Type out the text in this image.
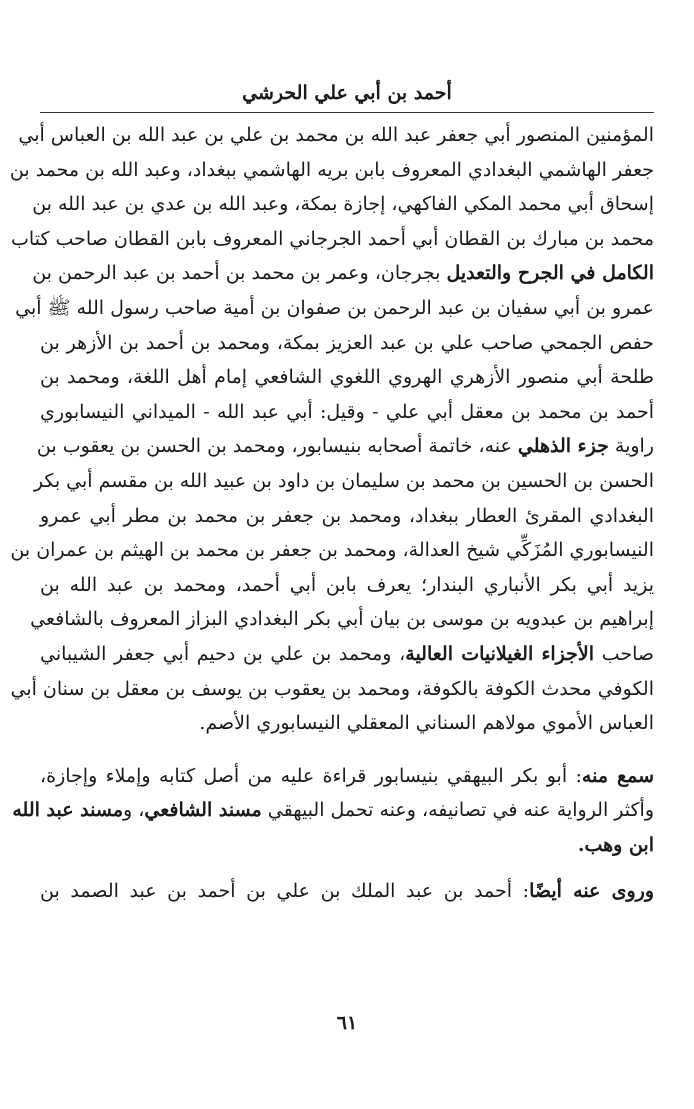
أحمد بن أبي علي الحرشي
المؤمنين المنصور أبي جعفر عبد الله بن محمد بن علي بن عبد الله بن العباس أبي
جعفر الهاشمي البغدادي المعروف بابن بريه الهاشمي ببغداد، وعبد الله بن محمد بن
إسحاق أبي محمد المكي الفاكهي، إجازة بمكة، وعبد الله بن عدي بن عبد الله بن
محمد بن مبارك بن القطان أبي أحمد الجرجاني المعروف بابن القطان صاحب كتاب
الكامل في الجرح والتعديل بجرجان، وعمر بن محمد بن أحمد بن عبد الرحمن بن
عمرو بن أبي سفيان بن عبد الرحمن بن صفوان بن أمية صاحب رسول الله ﷺ أبي
حفص الجمحي صاحب علي بن عبد العزيز بمكة، ومحمد بن أحمد بن الأزهر بن
طلحة أبي منصور الأزهري الهروي اللغوي الشافعي إمام أهل اللغة، ومحمد بن
أحمد بن محمد بن معقل أبي علي - وقيل: أبي عبد الله - الميداني النيسابوري
راوية جزء الذهلي عنه، خاتمة أصحابه بنيسابور، ومحمد بن الحسن بن يعقوب بن
الحسن بن الحسين بن محمد بن سليمان بن داود بن عبيد الله بن مقسم أبي بكر
البغدادي المقرئ العطار ببغداد، ومحمد بن جعفر بن محمد بن مطر أبي عمرو
النيسابوري المُزَكِّي شيخ العدالة، ومحمد بن جعفر بن محمد بن الهيثم بن عمران بن
يزيد أبي بكر الأنباري البندار؛ يعرف بابن أبي أحمد، ومحمد بن عبد الله بن
إبراهيم بن عبدويه بن موسى بن بيان أبي بكر البغدادي البزاز المعروف بالشافعي
صاحب الأجزاء الغيلانيات العالية، ومحمد بن علي بن دحيم أبي جعفر الشيباني
الكوفي محدث الكوفة بالكوفة، ومحمد بن يعقوب بن يوسف بن معقل بن سنان أبي
العباس الأموي مولاهم السناني المعقلي النيسابوري الأصم.
سمع منه: أبو بكر البيهقي بنيسابور قراءة عليه من أصل كتابه وإملاء وإجازة،
وأكثر الرواية عنه في تصانيفه، وعنه تحمل البيهقي مسند الشافعي، ومسند عبد الله
ابن وهب.
وروى عنه أيضًا: أحمد بن عبد الملك بن علي بن أحمد بن عبد الصمد بن
٦١
